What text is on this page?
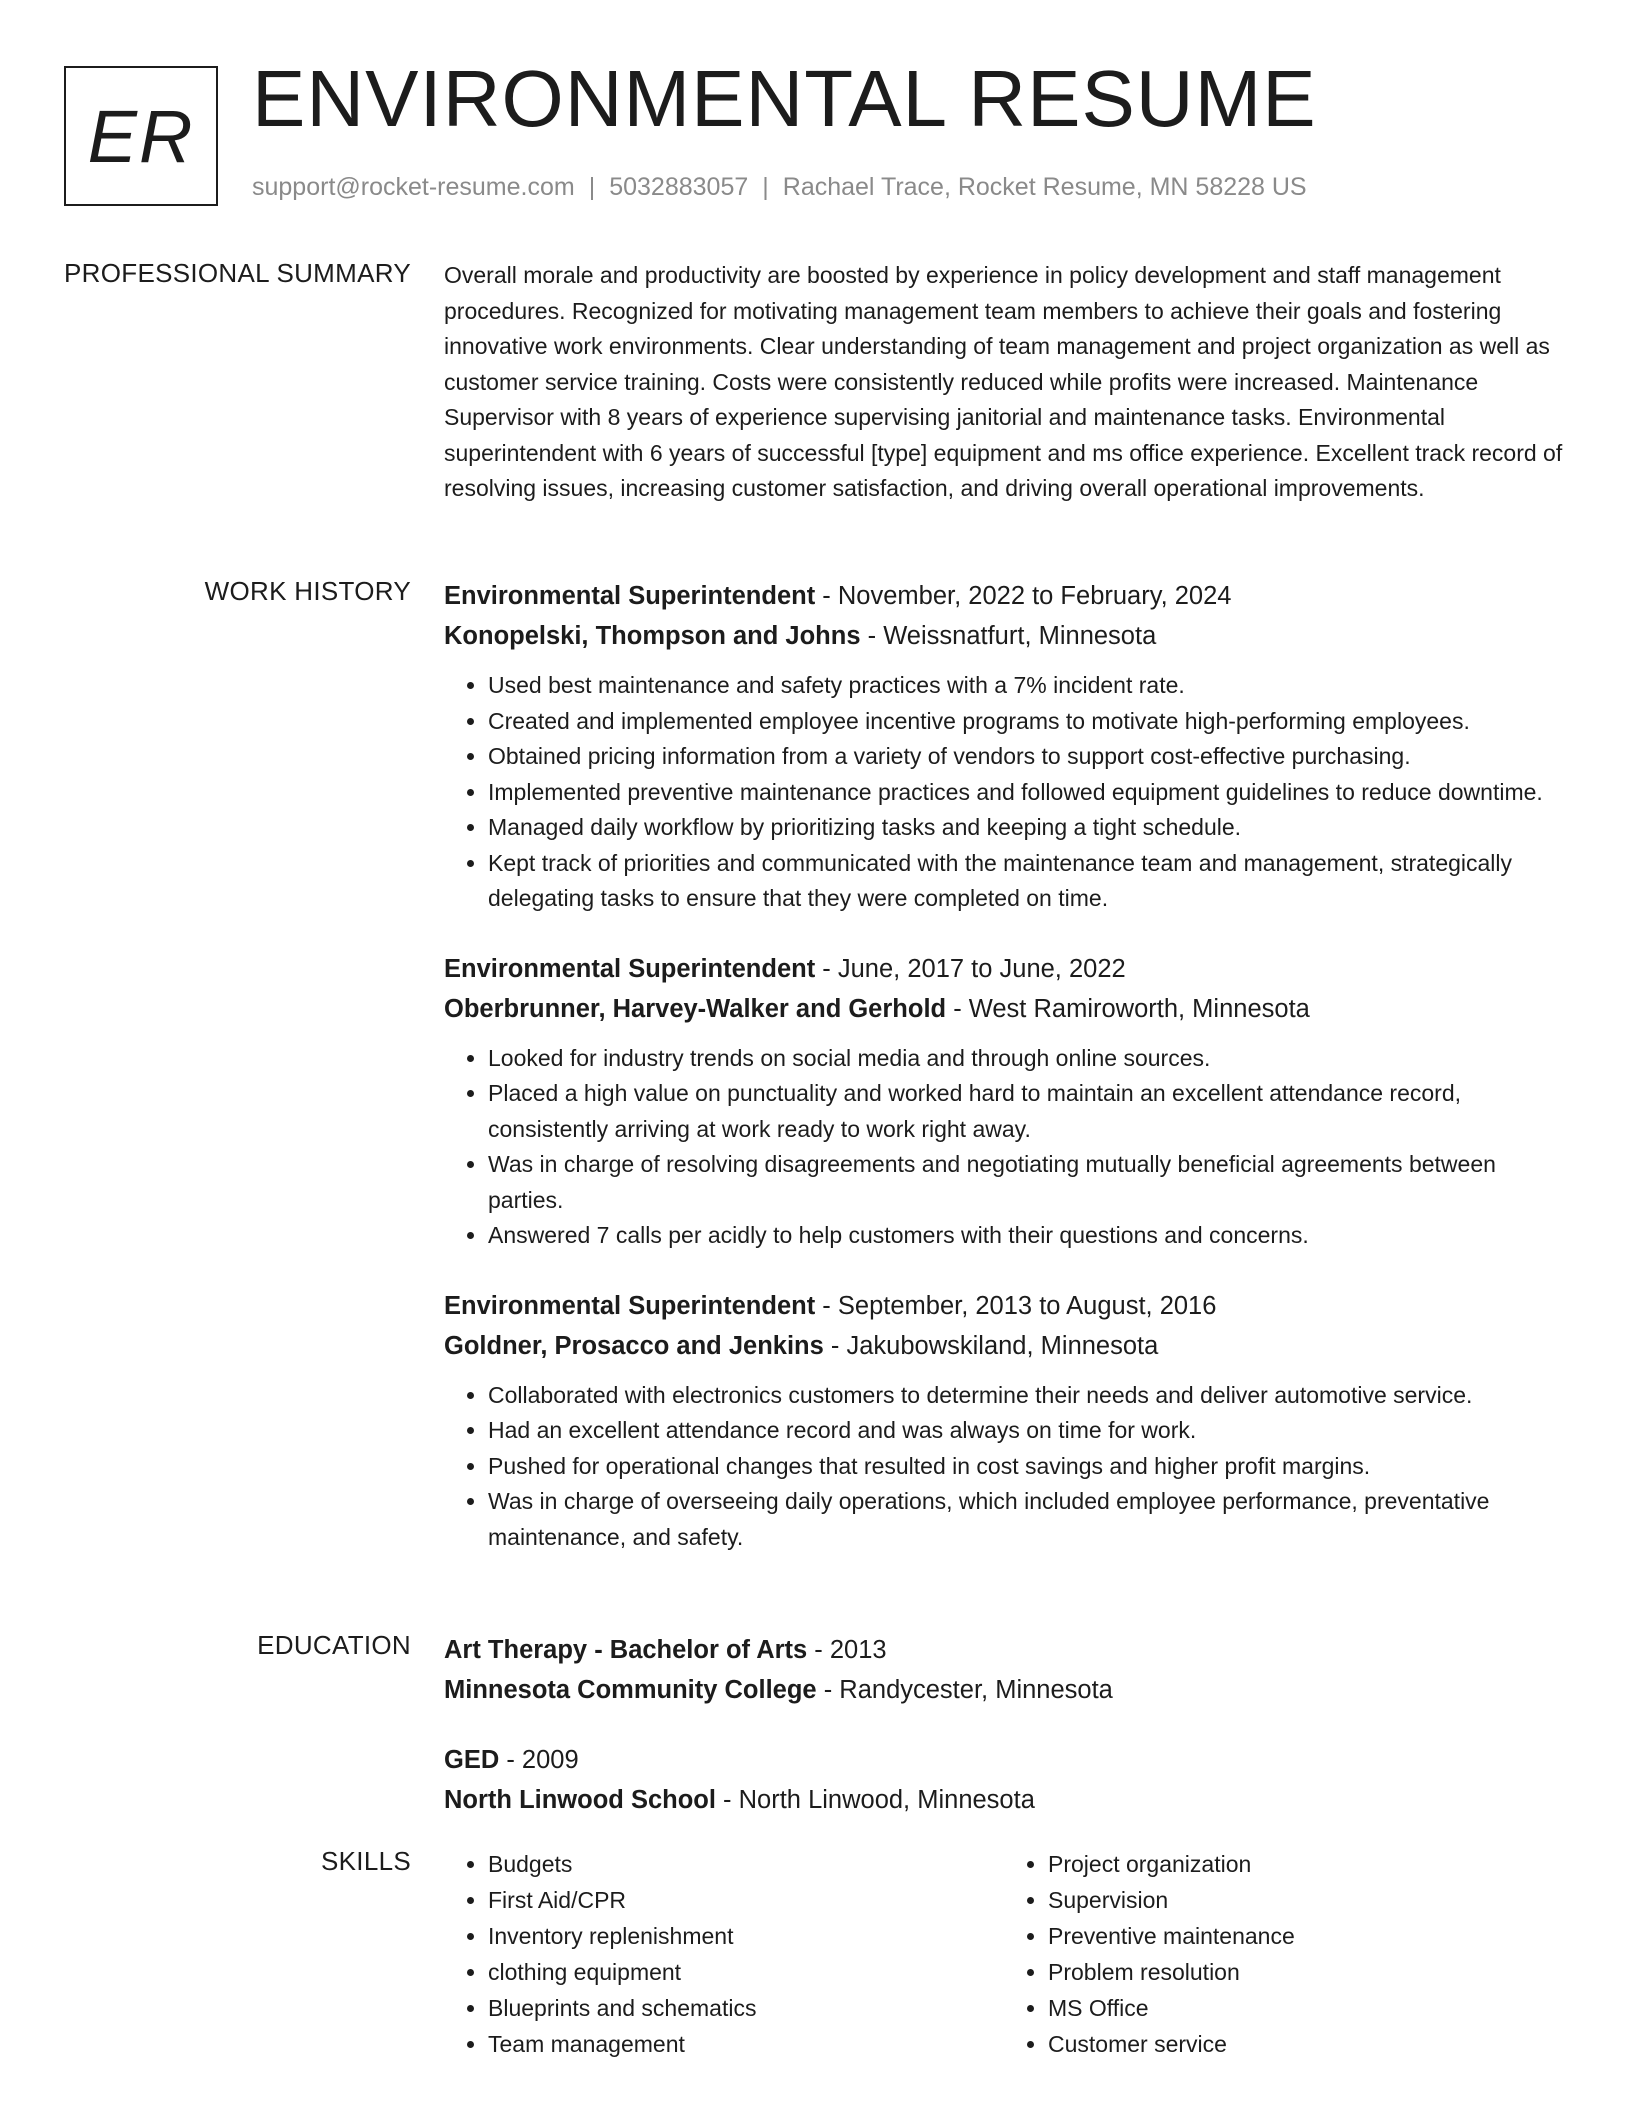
ER ENVIRONMENTAL RESUME
support@rocket-resume.com | 5032883057 | Rachael Trace, Rocket Resume, MN 58228 US
PROFESSIONAL SUMMARY Overall morale and productivity are boosted by experience in policy development and staff management procedures. Recognized for motivating management team members to achieve their goals and fostering innovative work environments. Clear understanding of team management and project organization as well as customer service training. Costs were consistently reduced while profits were increased. Maintenance Supervisor with 8 years of experience supervising janitorial and maintenance tasks. Environmental superintendent with 6 years of successful [type] equipment and ms office experience. Excellent track record of resolving issues, increasing customer satisfaction, and driving overall operational improvements.

WORK HISTORY Environmental Superintendent - November, 2022 to February, 2024
Konopelski, Thompson and Johns - Weissnatfurt, Minnesota
• Used best maintenance and safety practices with a 7% incident rate.
• Created and implemented employee incentive programs to motivate high-performing employees.
• Obtained pricing information from a variety of vendors to support cost-effective purchasing.
• Implemented preventive maintenance practices and followed equipment guidelines to reduce downtime.
• Managed daily workflow by prioritizing tasks and keeping a tight schedule.
• Kept track of priorities and communicated with the maintenance team and management, strategically delegating tasks to ensure that they were completed on time.
Environmental Superintendent - June, 2017 to June, 2022
Oberbrunner, Harvey-Walker and Gerhold - West Ramiroworth, Minnesota
• Looked for industry trends on social media and through online sources.
• Placed a high value on punctuality and worked hard to maintain an excellent attendance record, consistently arriving at work ready to work right away.
• Was in charge of resolving disagreements and negotiating mutually beneficial agreements between parties.
• Answered 7 calls per acidly to help customers with their questions and concerns.
Environmental Superintendent - September, 2013 to August, 2016
Goldner, Prosacco and Jenkins - Jakubowskiland, Minnesota
• Collaborated with electronics customers to determine their needs and deliver automotive service.
• Had an excellent attendance record and was always on time for work.
• Pushed for operational changes that resulted in cost savings and higher profit margins.
• Was in charge of overseeing daily operations, which included employee performance, preventative maintenance, and safety.
EDUCATION Art Therapy - Bachelor of Arts - 2013
Minnesota Community College - Randycester, Minnesota
GED - 2009
North Linwood School - North Linwood, Minnesota
SKILLS
•	Budgets
• First Aid/CPR
• Inventory replenishment
• clothing equipment
• Blueprints and schematics
• Team management
• Project organization
• Supervision
• Preventive maintenance
• Problem resolution
• MS Office
• Customer service
